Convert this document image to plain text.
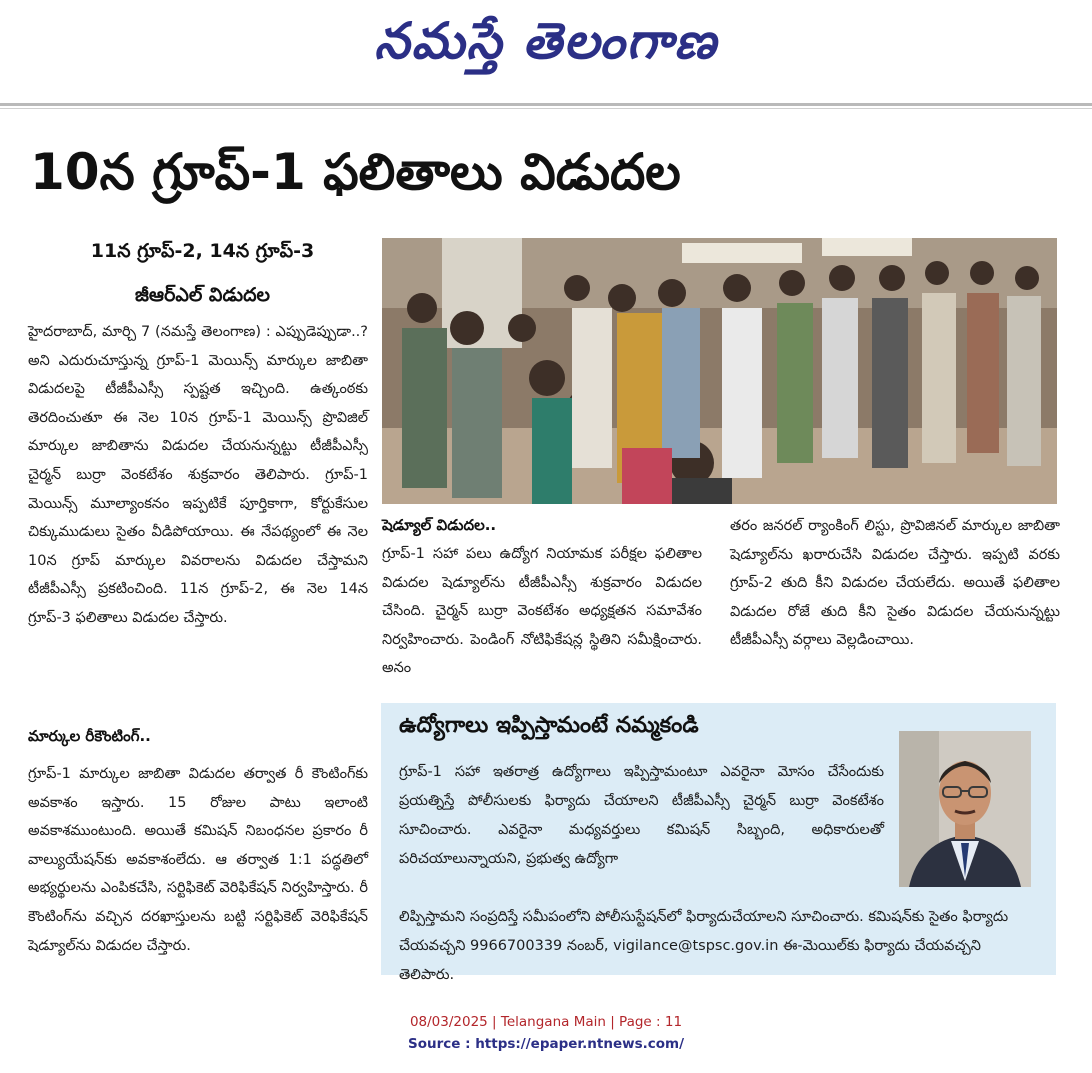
నమస్తే తెలంగాణ
10న గ్రూప్-1 ఫలితాలు విడుదల
11న గ్రూప్-2, 14న గ్రూప్-3
జీఆర్ఎల్ విడుదల

హైదరాబాద్, మార్చి 7 (నమస్తే తెలంగాణ) : ఎప్పుడెప్పుడా..? అని ఎదురుచూస్తున్న గ్రూప్-1 మెయిన్స్ మార్కుల జాబితా విడుదలపై టీజీపీఎస్సీ స్పష్టత ఇచ్చింది. ఉత్కంఠకు తెరదించుతూ ఈ నెల 10న గ్రూప్-1 మెయిన్స్ ప్రొవిజిల్ మార్కుల జాబితాను విడుదల చేయనున్నట్టు టీజీపీఎస్సీ చైర్మన్ బుర్రా వెంకటేశం శుక్రవారం తెలిపారు. గ్రూప్-1 మెయిన్స్ మూల్యాంకనం ఇప్పటికే పూర్తికాగా, కోర్టుకేసుల చిక్కుముడులు సైతం వీడిపోయాయి. ఈ నేపథ్యంలో ఈ నెల 10న గ్రూప్ మార్కుల వివరాలను విడుదల చేస్తామని టీజీపీఎస్సీ ప్రకటించింది. 11న గ్రూప్-2, ఈ నెల 14న గ్రూప్-3 ఫలితాలు విడుదల చేస్తారు.

మార్కుల రీకౌంటింగ్..

గ్రూప్-1 మార్కుల జాబితా విడుదల తర్వాత రీ కౌంటింగ్‌కు అవకాశం ఇస్తారు. 15 రోజుల పాటు ఇలాంటి అవకాశముంటుంది. అయితే కమిషన్ నిబంధనల ప్రకారం రీ వాల్యుయేషన్‌కు అవకాశంలేదు. ఆ తర్వాత 1:1 పద్ధతిలో అభ్యర్థులను ఎంపికచేసి, సర్టిఫికెట్ వెరిఫికేషన్ నిర్వహిస్తారు. రీ కౌంటింగ్‌ను వచ్చిన దరఖాస్తులను బట్టి సర్టిఫికెట్ వెరిఫికేషన్ షెడ్యూల్‌ను విడుదల చేస్తారు.

షెడ్యూల్ విడుదల..

గ్రూప్-1 సహా పలు ఉద్యోగ నియామక పరీక్షల ఫలితాల విడుదల షెడ్యూల్‌ను టీజీపీఎస్సీ శుక్రవారం విడుదల చేసింది. చైర్మన్ బుర్రా వెంకటేశం అధ్యక్షతన సమావేశం నిర్వహించారు. పెండింగ్ నోటిఫికేషన్ల స్థితిని సమీక్షించారు. అనం

తరం జనరల్ ర్యాంకింగ్ లిస్టు, ప్రొవిజినల్ మార్కుల జాబితా షెడ్యూల్‌ను ఖరారుచేసి విడుదల చేస్తారు. ఇప్పటి వరకు గ్రూప్-2 తుది కీని విడుదల చేయలేదు. అయితే ఫలితాల విడుదల రోజే తుది కీని సైతం విడుదల చేయనున్నట్టు టీజీపీఎస్సీ వర్గాలు వెల్లడించాయి.

ఉద్యోగాలు ఇప్పిస్తామంటే నమ్మకండి
గ్రూప్-1 సహా ఇతరాత్ర ఉద్యోగాలు ఇప్పిస్తామంటూ ఎవరైనా మోసం చేసేందుకు ప్రయత్నిస్తే పోలీసులకు ఫిర్యాదు చేయాలని టీజీపీఎస్సీ చైర్మన్ బుర్రా వెంకటేశం సూచించారు. ఎవరైనా మధ్యవర్తులు కమిషన్ సిబ్బంది, అధికారులతో పరిచయాలున్నాయని, ప్రభుత్వ ఉద్యోగా
లిప్పిస్తామని సంప్రదిస్తే సమీపంలోని పోలీసుస్టేషన్‌లో ఫిర్యాదుచేయాలని సూచించారు. కమిషన్‌కు సైతం ఫిర్యాదు చేయవచ్చని 9966700339 నంబర్, vigilance@tspsc.gov.in ఈ-మెయిల్‌కు ఫిర్యాదు చేయవచ్చని తెలిపారు.
08/03/2025 | Telangana Main | Page : 11
Source : https://epaper.ntnews.com/
